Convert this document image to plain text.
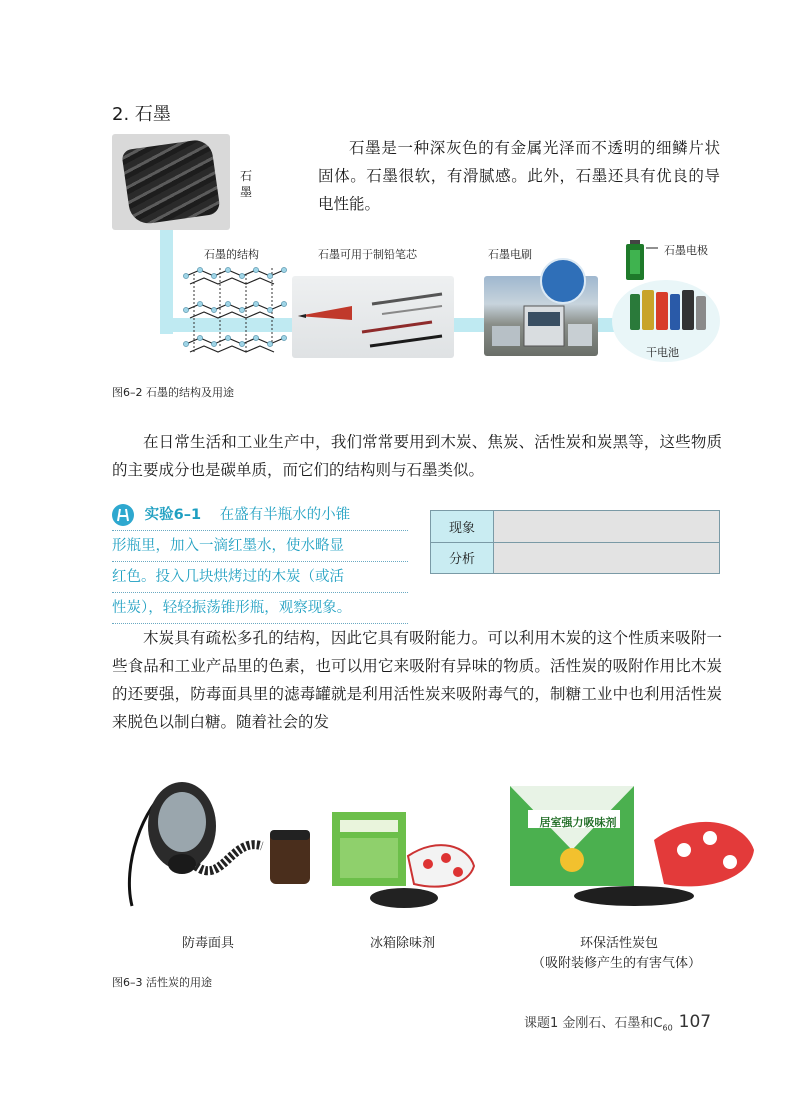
2. 石墨
石
墨
石墨是一种深灰色的有金属光泽而不透明的细鳞片状固体。石墨很软，有滑腻感。此外，石墨还具有优良的导电性能。
石墨的结构	石墨可用于制铅笔芯	石墨电刷	石墨电极
干电池
图6–2 石墨的结构及用途
在日常生活和工业生产中，我们常常要用到木炭、焦炭、活性炭和炭黑等，这些物质的主要成分也是碳单质，而它们的结构则与石墨类似。
实验6–1 在盛有半瓶水的小锥
形瓶里，加入一滴红墨水，使水略显
红色。投入几块烘烤过的木炭（或活
性炭），轻轻振荡锥形瓶，观察现象。
现象	
分析	
木炭具有疏松多孔的结构，因此它具有吸附能力。可以利用木炭的这个性质来吸附一些食品和工业产品里的色素，也可以用它来吸附有异味的物质。活性炭的吸附作用比木炭的还要强，防毒面具里的滤毒罐就是利用活性炭来吸附毒气的，制糖工业中也利用活性炭来脱色以制白糖。随着社会的发
居室强力吸味剂
防毒面具	冰箱除味剂	环保活性炭包
（吸附装修产生的有害气体）
图6–3 活性炭的用途
课题1 金刚石、石墨和$C_{60}$ 107
